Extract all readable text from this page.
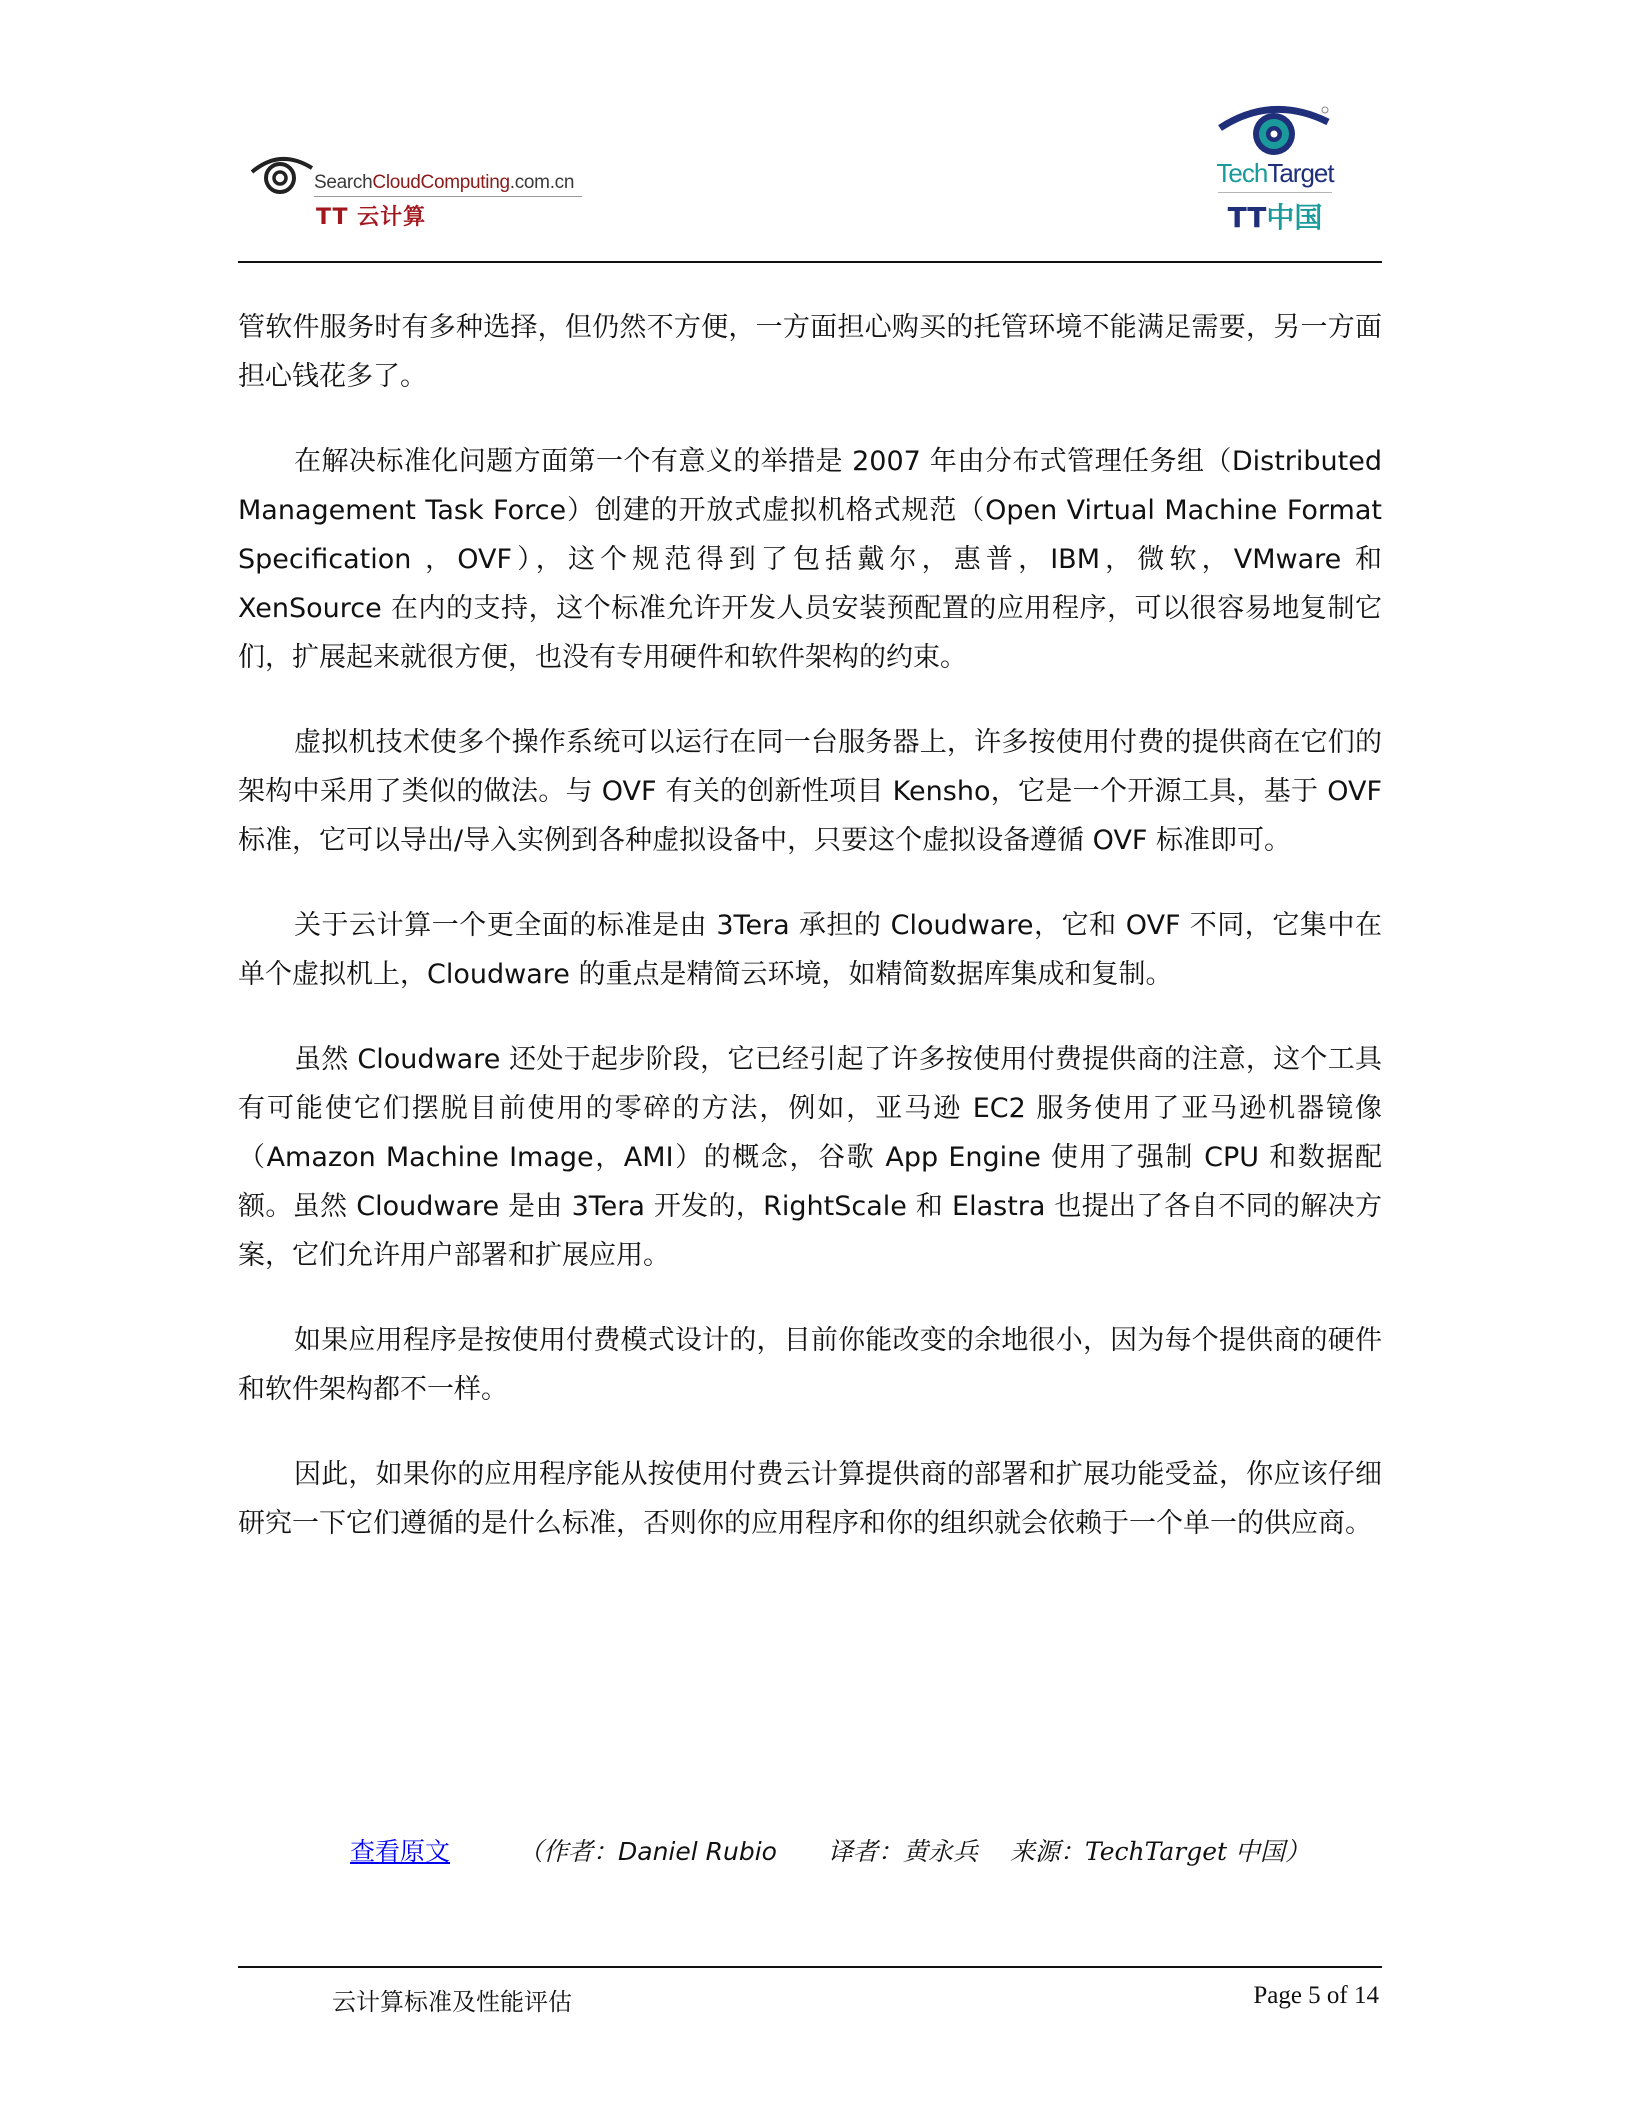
SearchCloudComputing.com.cn
TT 云计算
TechTarget
TT中国

管软件服务时有多种选择，但仍然不方便，一方面担心购买的托管环境不能满足需要，另一方面担心钱花多了。

在解决标准化问题方面第一个有意义的举措是 2007 年由分布式管理任务组（Distributed Management Task Force）创建的开放式虚拟机格式规范（Open Virtual Machine Format Specification ，OVF），这个规范得到了包括戴尔，惠普，IBM，微软，VMware 和 XenSource 在内的支持，这个标准允许开发人员安装预配置的应用程序，可以很容易地复制它们，扩展起来就很方便，也没有专用硬件和软件架构的约束。

虚拟机技术使多个操作系统可以运行在同一台服务器上，许多按使用付费的提供商在它们的架构中采用了类似的做法。与 OVF 有关的创新性项目 Kensho，它是一个开源工具，基于 OVF 标准，它可以导出/导入实例到各种虚拟设备中，只要这个虚拟设备遵循 OVF 标准即可。

关于云计算一个更全面的标准是由 3Tera 承担的 Cloudware，它和 OVF 不同，它集中在单个虚拟机上，Cloudware 的重点是精简云环境，如精简数据库集成和复制。

虽然 Cloudware 还处于起步阶段，它已经引起了许多按使用付费提供商的注意，这个工具有可能使它们摆脱目前使用的零碎的方法，例如，亚马逊 EC2 服务使用了亚马逊机器镜像（Amazon Machine Image，AMI）的概念，谷歌 App Engine 使用了强制 CPU 和数据配额。虽然 Cloudware 是由 3Tera 开发的，RightScale 和 Elastra 也提出了各自不同的解决方案，它们允许用户部署和扩展应用。

如果应用程序是按使用付费模式设计的，目前你能改变的余地很小，因为每个提供商的硬件和软件架构都不一样。

因此，如果你的应用程序能从按使用付费云计算提供商的部署和扩展功能受益，你应该仔细研究一下它们遵循的是什么标准，否则你的应用程序和你的组织就会依赖于一个单一的供应商。

查看原文	（作者：Daniel Rubio 译者：黄永兵 来源：TechTarget 中国）
云计算标准及性能评估	Page 5 of 14
